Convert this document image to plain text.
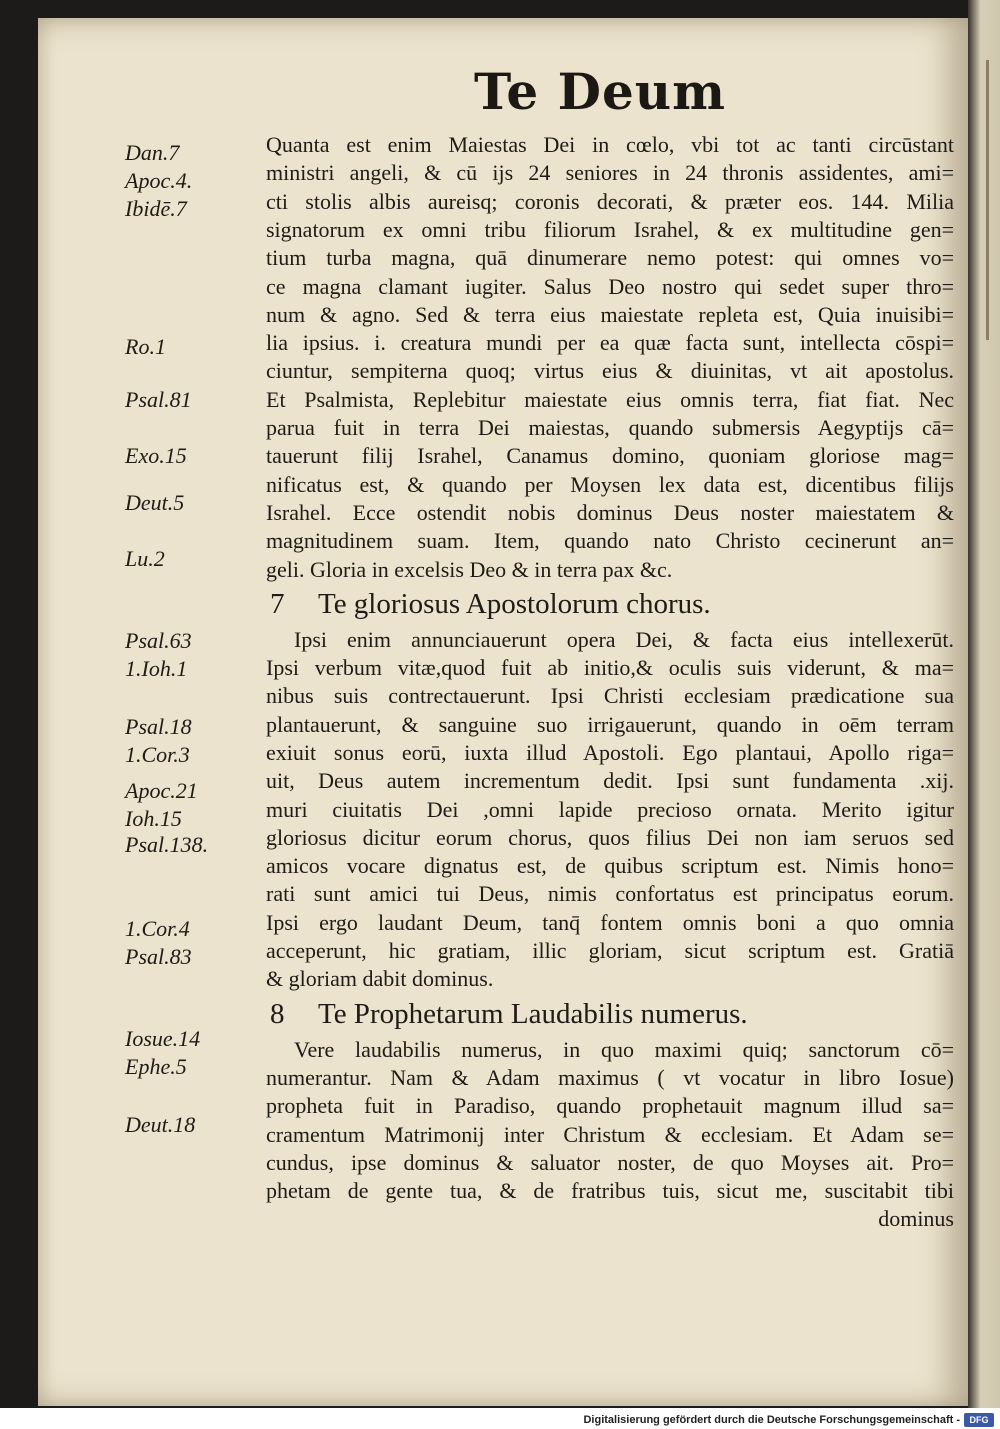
Te Deum
Dan.7
Apoc.4.
Ibidē.7
Ro.1
Psal.81
Exo.15
Deut.5
Lu.2
Psal.63
1.Ioh.1
Psal.18
1.Cor.3
Apoc.21
Ioh.15
Psal.138.
1.Cor.4
Psal.83
Iosue.14
Ephe.5
Deut.18
Quanta est enim Maiestas Dei in cœlo, vbi tot ac tanti circūstant
ministri angeli, & cū ijs 24 seniores in 24 thronis assidentes, ami=
cti stolis albis aureisq; coronis decorati, & præter eos. 144. Milia
signatorum ex omni tribu filiorum Israhel, & ex multitudine gen=
tium turba magna, quā dinumerare nemo potest: qui omnes vo=
ce magna clamant iugiter. Salus Deo nostro qui sedet super thro=
num & agno. Sed & terra eius maiestate repleta est, Quia inuisibi=
lia ipsius. i. creatura mundi per ea quæ facta sunt, intellecta cōspi=
ciuntur, sempiterna quoq; virtus eius & diuinitas, vt ait apostolus.
Et Psalmista, Replebitur maiestate eius omnis terra, fiat fiat. Nec
parua fuit in terra Dei maiestas, quando submersis Aegyptijs cā=
tauerunt filij Israhel, Canamus domino, quoniam gloriose mag=
nificatus est, & quando per Moysen lex data est, dicentibus filijs
Israhel. Ecce ostendit nobis dominus Deus noster maiestatem &
magnitudinem suam. Item, quando nato Christo cecinerunt an=
geli. Gloria in excelsis Deo & in terra pax &c.
7 Te gloriosus Apostolorum chorus.
Ipsi enim annunciauerunt opera Dei, & facta eius intellexerūt.
Ipsi verbum vitæ,quod fuit ab initio,& oculis suis viderunt, & ma=
nibus suis contrectauerunt. Ipsi Christi ecclesiam prædicatione sua
plantauerunt, & sanguine suo irrigauerunt, quando in oēm terram
exiuit sonus eorū, iuxta illud Apostoli. Ego plantaui, Apollo riga=
uit, Deus autem incrementum dedit. Ipsi sunt fundamenta .xij.
muri ciuitatis Dei ,omni lapide precioso ornata. Merito igitur
gloriosus dicitur eorum chorus, quos filius Dei non iam seruos sed
amicos vocare dignatus est, de quibus scriptum est. Nimis hono=
rati sunt amici tui Deus, nimis confortatus est principatus eorum.
Ipsi ergo laudant Deum, tanq̄ fontem omnis boni a quo omnia
acceperunt, hic gratiam, illic gloriam, sicut scriptum est. Gratiā
& gloriam dabit dominus.
8 Te Prophetarum Laudabilis numerus.
Vere laudabilis numerus, in quo maximi quiq; sanctorum cō=
numerantur. Nam & Adam maximus ( vt vocatur in libro Iosue)
propheta fuit in Paradiso, quando prophetauit magnum illud sa=
cramentum Matrimonij inter Christum & ecclesiam. Et Adam se=
cundus, ipse dominus & saluator noster, de quo Moyses ait. Pro=
phetam de gente tua, & de fratribus tuis, sicut me, suscitabit tibi
dominus
Digitalisierung gefördert durch die Deutsche Forschungsgemeinschaft -	DFG
